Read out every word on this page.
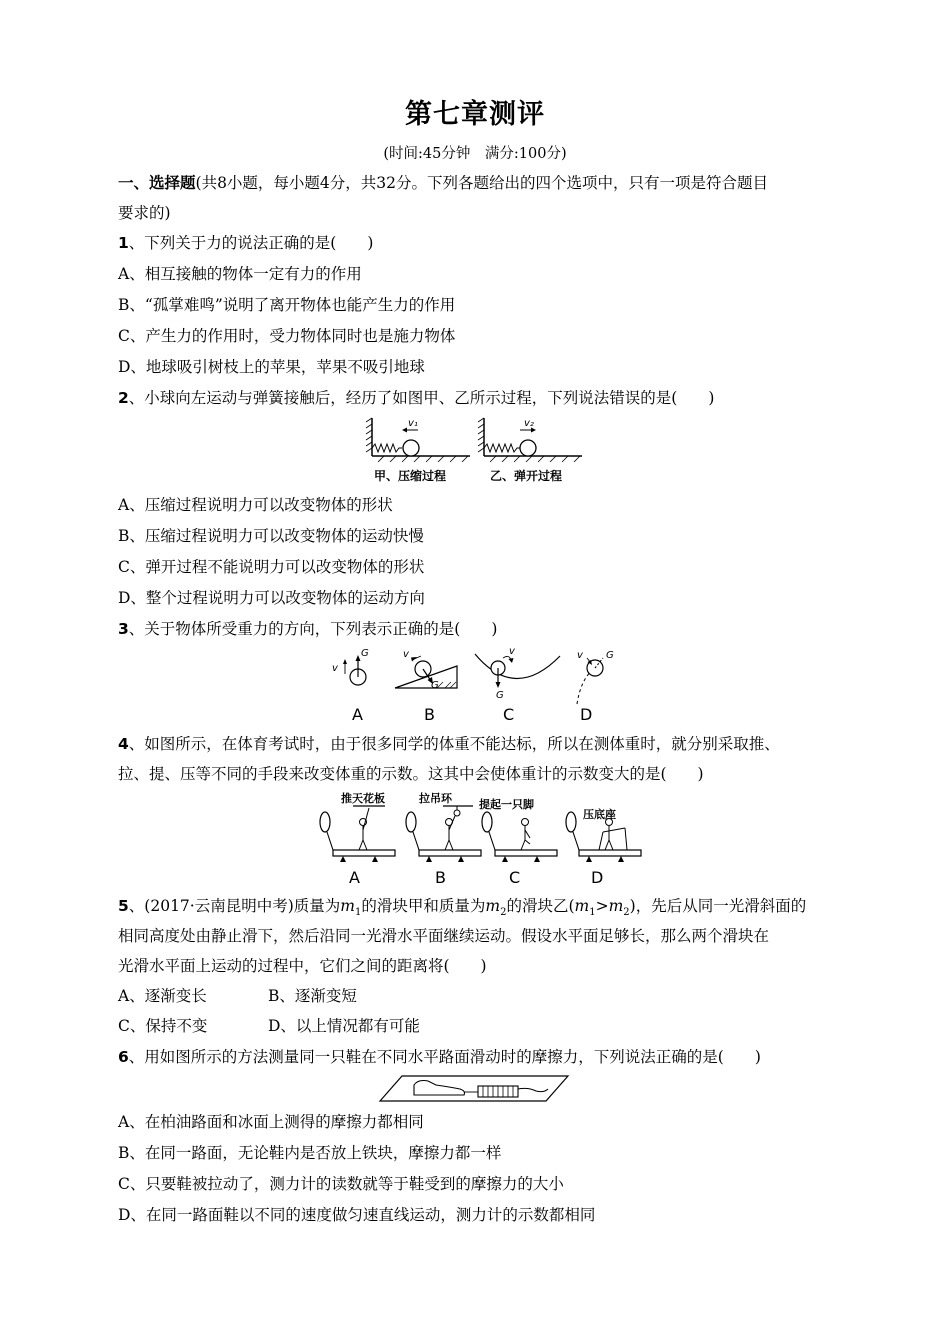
第七章测评
(时间:45分钟　满分:100分)
一、选择题(共8小题，每小题4分，共32分。下列各题给出的四个选项中，只有一项是符合题目
要求的)
1、下列关于力的说法正确的是(　　)
A、相互接触的物体一定有力的作用
B、“孤掌难鸣”说明了离开物体也能产生力的作用
C、产生力的作用时，受力物体同时也是施力物体
D、地球吸引树枝上的苹果，苹果不吸引地球
2、小球向左运动与弹簧接触后，经历了如图甲、乙所示过程，下列说法错误的是(　　)
v₁	v₂
甲、压缩过程	乙、弹开过程
A、压缩过程说明力可以改变物体的形状
B、压缩过程说明力可以改变物体的运动快慢
C、弹开过程不能说明力可以改变物体的形状
D、整个过程说明力可以改变物体的运动方向
3、关于物体所受重力的方向，下列表示正确的是(　　)
G
v
G
v
G
v	G
v
A	B	C	D
4、如图所示，在体育考试时，由于很多同学的体重不能达标，所以在测体重时，就分别采取推、
拉、提、压等不同的手段来改变体重的示数。这其中会使体重计的示数变大的是(　　)
推天花板	拉吊环 提起一只脚
压底座
A	B	C	D
5、(2017·云南昆明中考)质量为$m_1$的滑块甲和质量为$m_2$的滑块乙$(m_1>m_2)$，先后从同一光滑斜面的
相同高度处由静止滑下，然后沿同一光滑水平面继续运动。假设水平面足够长，那么两个滑块在
光滑水平面上运动的过程中，它们之间的距离将(　　)
A、逐渐变长	B、逐渐变短
C、保持不变	D、以上情况都有可能
6、用如图所示的方法测量同一只鞋在不同水平路面滑动时的摩擦力，下列说法正确的是(　　)
A、在柏油路面和冰面上测得的摩擦力都相同
B、在同一路面，无论鞋内是否放上铁块，摩擦力都一样
C、只要鞋被拉动了，测力计的读数就等于鞋受到的摩擦力的大小
D、在同一路面鞋以不同的速度做匀速直线运动，测力计的示数都相同
